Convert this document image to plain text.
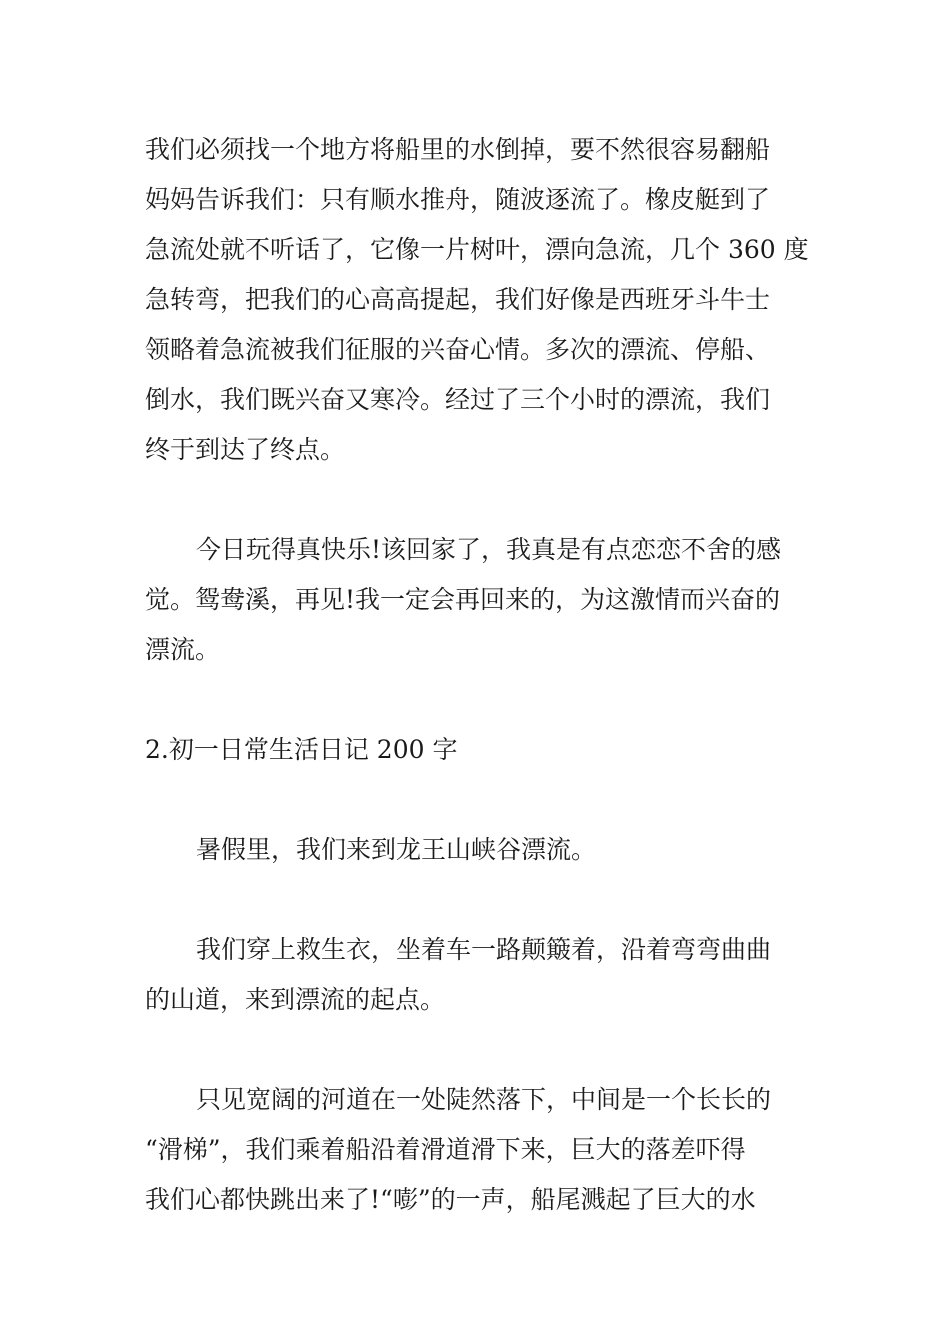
我们必须找一个地方将船里的水倒掉，要不然很容易翻船

妈妈告诉我们：只有顺水推舟，随波逐流了。橡皮艇到了

急流处就不听话了，它像一片树叶，漂向急流，几个 360 度

急转弯，把我们的心高高提起，我们好像是西班牙斗牛士

领略着急流被我们征服的兴奋心情。多次的漂流、停船、

倒水，我们既兴奋又寒冷。经过了三个小时的漂流，我们

终于到达了终点。

今日玩得真快乐!该回家了，我真是有点恋恋不舍的感

觉。鸳鸯溪，再见!我一定会再回来的，为这激情而兴奋的

漂流。

2.初一日常生活日记 200 字

暑假里，我们来到龙王山峡谷漂流。

我们穿上救生衣，坐着车一路颠簸着，沿着弯弯曲曲

的山道，来到漂流的起点。

只见宽阔的河道在一处陡然落下，中间是一个长长的

“滑梯”，我们乘着船沿着滑道滑下来，巨大的落差吓得

我们心都快跳出来了!“嘭”的一声，船尾溅起了巨大的水
